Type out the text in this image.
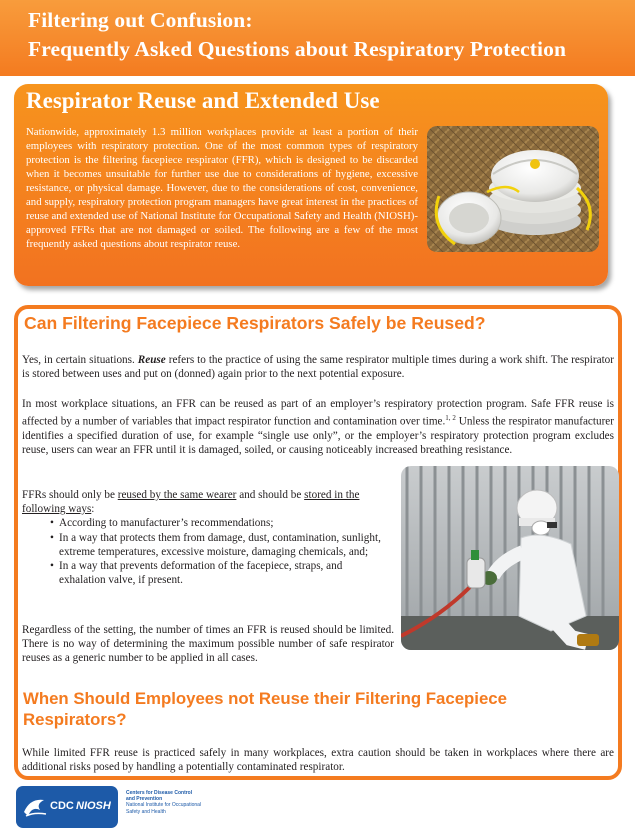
Filtering out Confusion:
Frequently Asked Questions about Respiratory Protection
Respirator Reuse and Extended Use
Nationwide, approximately 1.3 million workplaces provide at least a portion of their employees with respiratory protection. One of the most common types of respiratory protection is the filtering facepiece respirator (FFR), which is designed to be discarded when it becomes unsuitable for further use due to considerations of hygiene, excessive resistance, or physical damage. However, due to the considerations of cost, convenience, and supply, respiratory protection program managers have great interest in the practices of reuse and extended use of National Institute for Occupational Safety and Health (NIOSH)-approved FFRs that are not damaged or soiled. The following are a few of the most frequently asked questions about respirator reuse.
Can Filtering Facepiece Respirators Safely be Reused?
Yes, in certain situations. Reuse refers to the practice of using the same respirator multiple times during a work shift. The respirator is stored between uses and put on (donned) again prior to the next potential exposure.
In most workplace situations, an FFR can be reused as part of an employer’s respiratory protection program. Safe FFR reuse is affected by a number of variables that impact respirator function and contamination over time.$^{1, 2}$ Unless the respirator manufacturer identifies a specified duration of use, for example “single use only”, or the employer’s respiratory protection program excludes reuse, users can wear an FFR until it is damaged, soiled, or causing noticeably increased breathing resistance.
FFRs should only be reused by the same wearer and should be stored in the following ways:
• According to manufacturer’s recommendations;
• In a way that protects them from damage, dust, contamination, sunlight, extreme temperatures, excessive moisture, damaging chemicals, and;
• In a way that prevents deformation of the facepiece, straps, and exhalation valve, if present.
Regardless of the setting, the number of times an FFR is reused should be limited. There is no way of determining the maximum possible number of safe respirator reuses as a generic number to be applied in all cases.
When Should Employees not Reuse their Filtering Facepiece Respirators?
While limited FFR reuse is practiced safely in many workplaces, extra caution should be taken in workplaces where there are additional risks posed by handling a potentially contaminated respirator.
CDC NIOSH
Centers for Disease Control
and Prevention
National Institute for Occupational
Safety and Health
